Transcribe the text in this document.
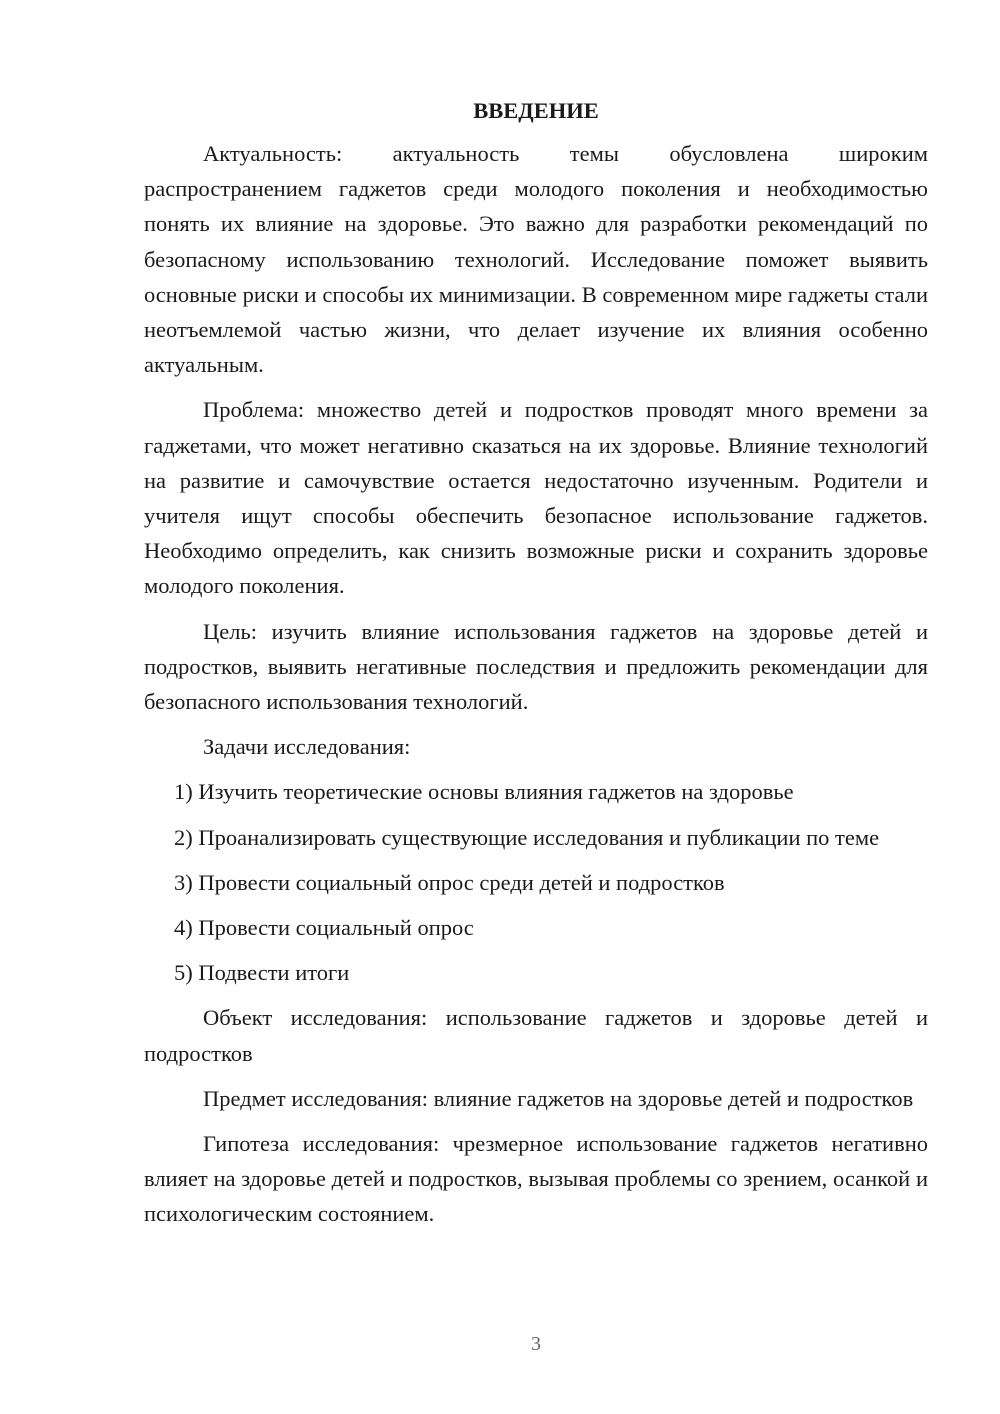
ВВЕДЕНИЕ

Актуальность: актуальность темы обусловлена широким распространением гаджетов среди молодого поколения и необходимостью понять их влияние на здоровье. Это важно для разработки рекомендаций по безопасному использованию технологий. Исследование поможет выявить основные риски и способы их минимизации. В современном мире гаджеты стали неотъемлемой частью жизни, что делает изучение их влияния особенно актуальным.

Проблема: множество детей и подростков проводят много времени за гаджетами, что может негативно сказаться на их здоровье. Влияние технологий на развитие и самочувствие остается недостаточно изученным. Родители и учителя ищут способы обеспечить безопасное использование гаджетов. Необходимо определить, как снизить возможные риски и сохранить здоровье молодого поколения.

Цель: изучить влияние использования гаджетов на здоровье детей и подростков, выявить негативные последствия и предложить рекомендации для безопасного использования технологий.

Задачи исследования:

1) Изучить теоретические основы влияния гаджетов на здоровье

2) Проанализировать существующие исследования и публикации по теме

3) Провести социальный опрос среди детей и подростков

4) Провести социальный опрос

5) Подвести итоги

Объект исследования: использование гаджетов и здоровье детей и подростков

Предмет исследования: влияние гаджетов на здоровье детей и подростков

Гипотеза исследования: чрезмерное использование гаджетов негативно влияет на здоровье детей и подростков, вызывая проблемы со зрением, осанкой и психологическим состоянием.

3
